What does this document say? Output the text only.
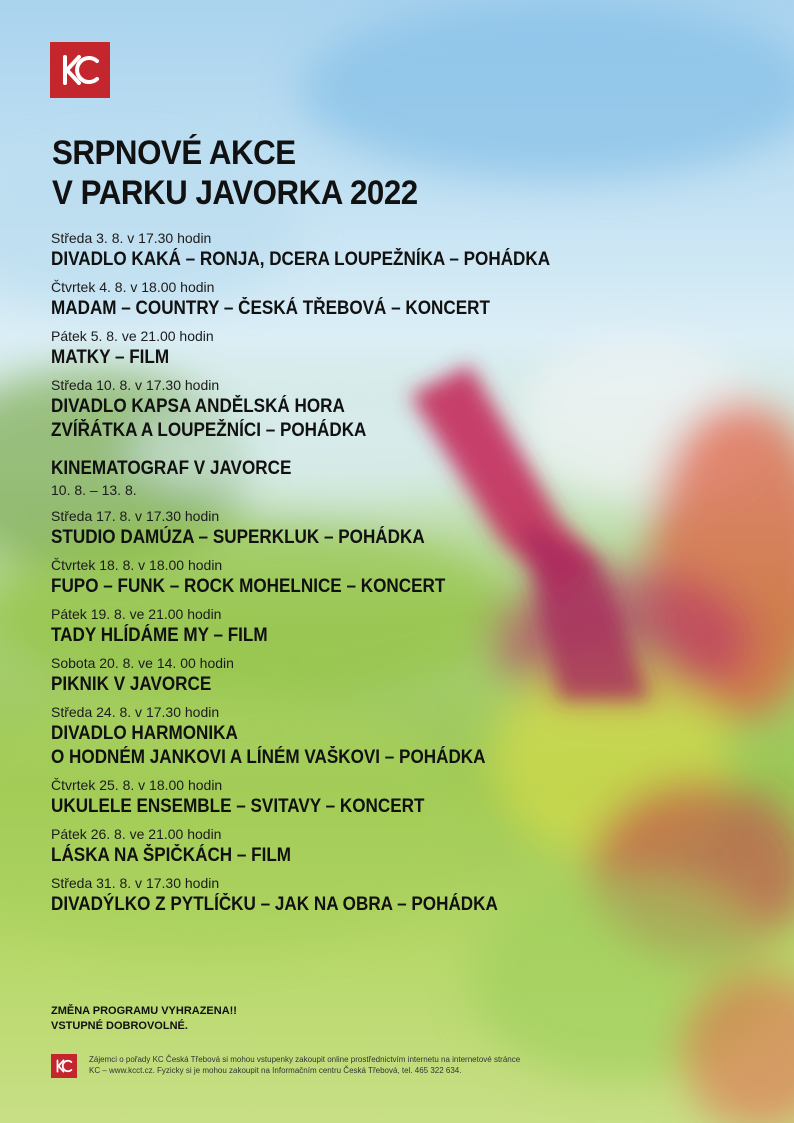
SRPNOVÉ AKCE
V PARKU JAVORKA 2022
Středa 3. 8. v 17.30 hodin
DIVADLO KAKÁ – RONJA, DCERA LOUPEŽNÍKA – POHÁDKA
Čtvrtek 4. 8. v 18.00 hodin
MADAM – COUNTRY – ČESKÁ TŘEBOVÁ – KONCERT
Pátek 5. 8. ve 21.00 hodin
MATKY – FILM
Středa 10. 8. v 17.30 hodin
DIVADLO KAPSA ANDĚLSKÁ HORA
ZVÍŘÁTKA A LOUPEŽNÍCI – POHÁDKA
KINEMATOGRAF V JAVORCE
10. 8. – 13. 8.
Středa 17. 8. v 17.30 hodin
STUDIO DAMÚZA – SUPERKLUK – POHÁDKA
Čtvrtek 18. 8. v 18.00 hodin
FUPO – FUNK – ROCK MOHELNICE – KONCERT
Pátek 19. 8. ve 21.00 hodin
TADY HLÍDÁME MY – FILM
Sobota 20. 8. ve 14. 00 hodin
PIKNIK V JAVORCE
Středa 24. 8. v 17.30 hodin
DIVADLO HARMONIKA
O HODNÉM JANKOVI A LÍNÉM VAŠKOVI – POHÁDKA
Čtvrtek 25. 8. v 18.00 hodin
UKULELE ENSEMBLE – SVITAVY – KONCERT
Pátek 26. 8. ve 21.00 hodin
LÁSKA NA ŠPIČKÁCH – FILM
Středa 31. 8. v 17.30 hodin
DIVADÝLKO Z PYTLÍČKU – JAK NA OBRA – POHÁDKA
ZMĚNA PROGRAMU VYHRAZENA!!
VSTUPNÉ DOBROVOLNÉ.
Zájemci o pořady KC Česká Třebová si mohou vstupenky zakoupit online prostřednictvím internetu na internetové stránce
KC – www.kcct.cz. Fyzicky si je mohou zakoupit na Informačním centru Česká Třebová, tel. 465 322 634.
